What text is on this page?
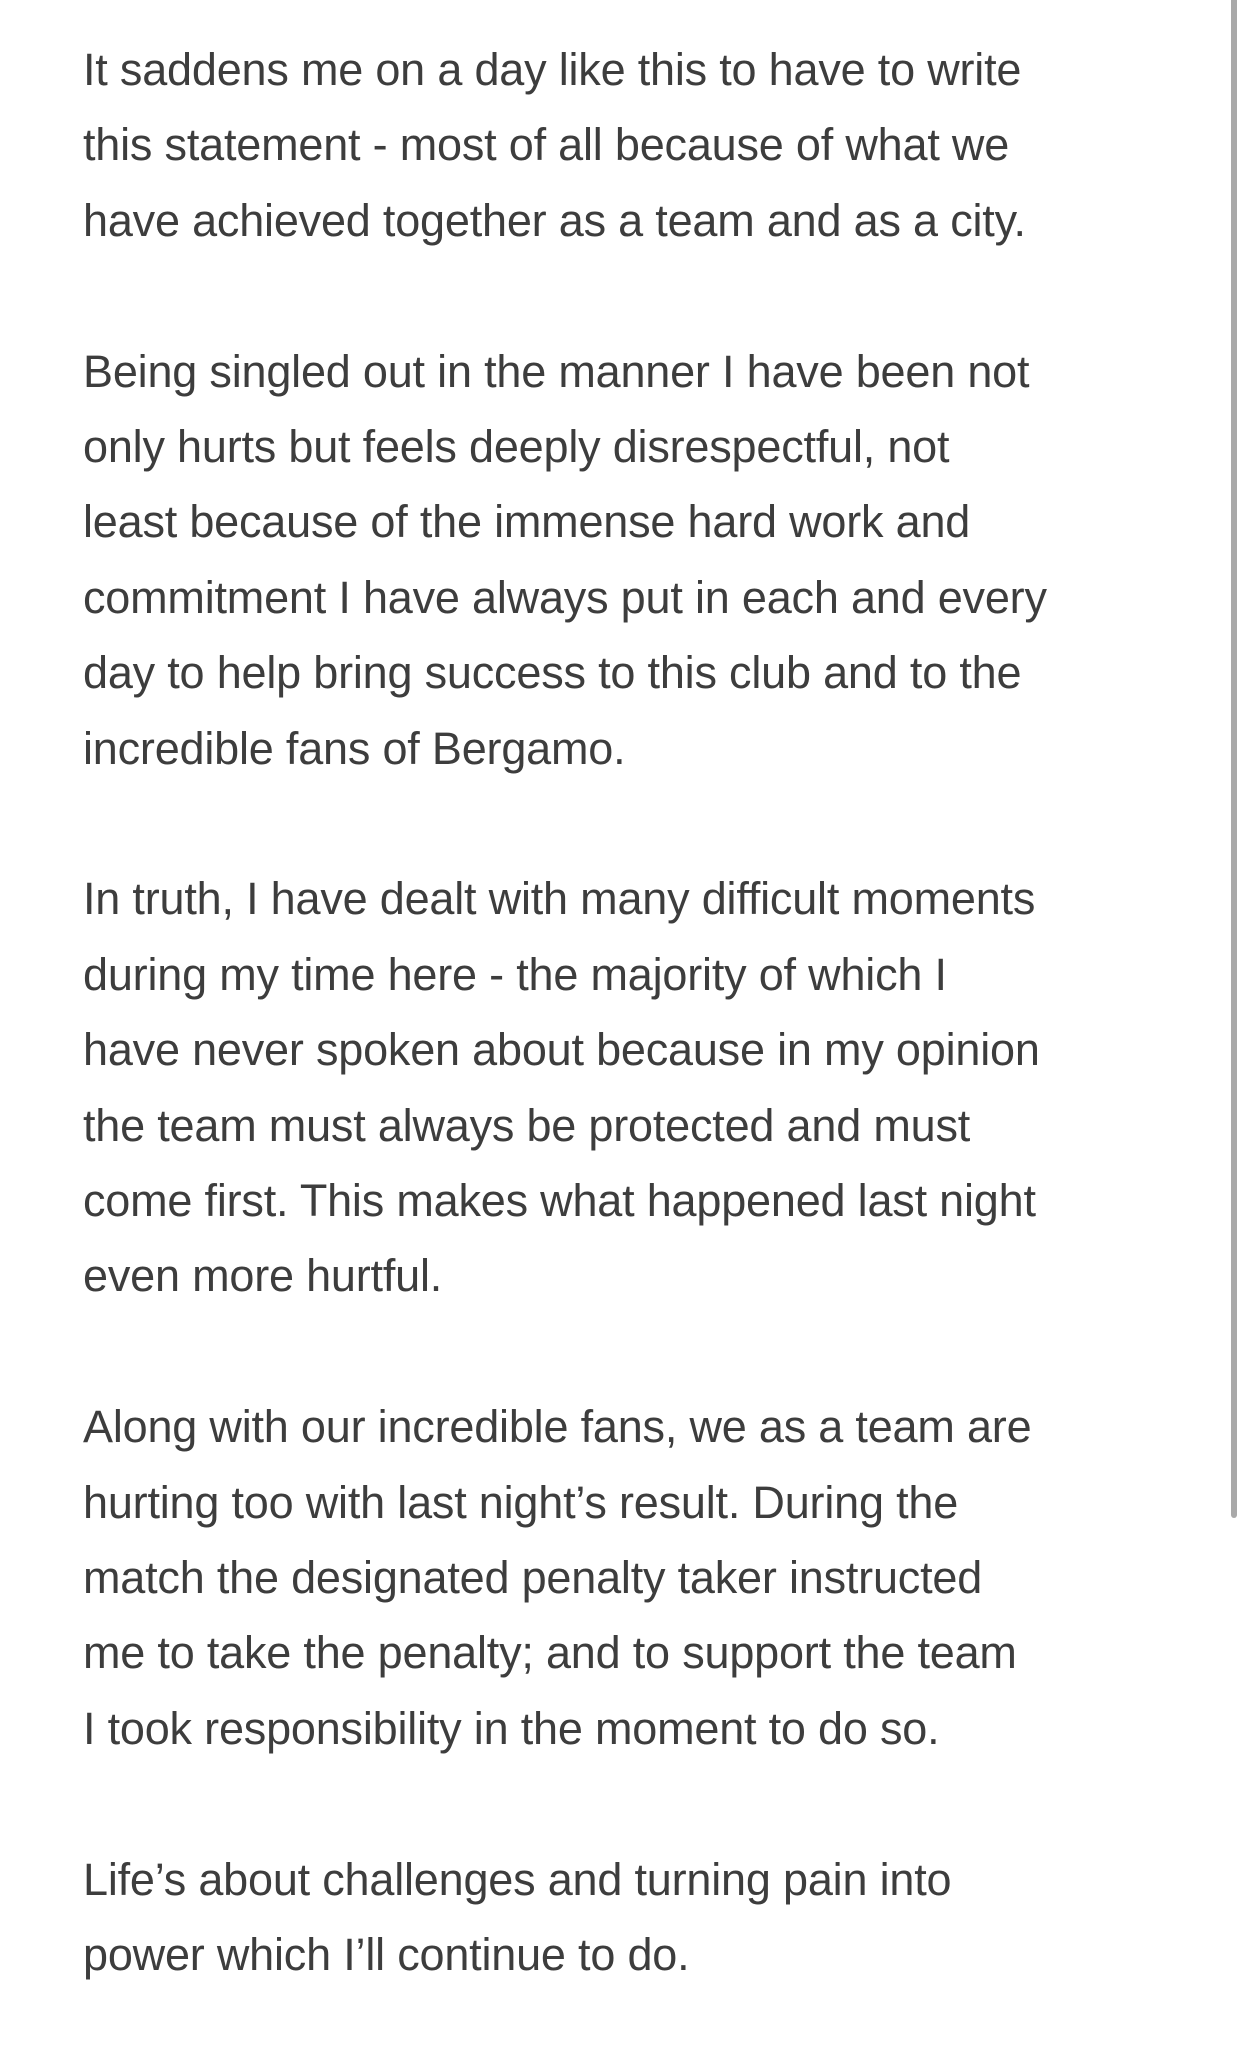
It saddens me on a day like this to have to write
this statement - most of all because of what we
have achieved together as a team and as a city.

Being singled out in the manner I have been not
only hurts but feels deeply disrespectful, not
least because of the immense hard work and
commitment I have always put in each and every
day to help bring success to this club and to the
incredible fans of Bergamo.

In truth, I have dealt with many difficult moments
during my time here - the majority of which I
have never spoken about because in my opinion
the team must always be protected and must
come first. This makes what happened last night
even more hurtful.

Along with our incredible fans, we as a team are
hurting too with last night’s result. During the
match the designated penalty taker instructed
me to take the penalty; and to support the team
I took responsibility in the moment to do so.

Life’s about challenges and turning pain into
power which I’ll continue to do.
